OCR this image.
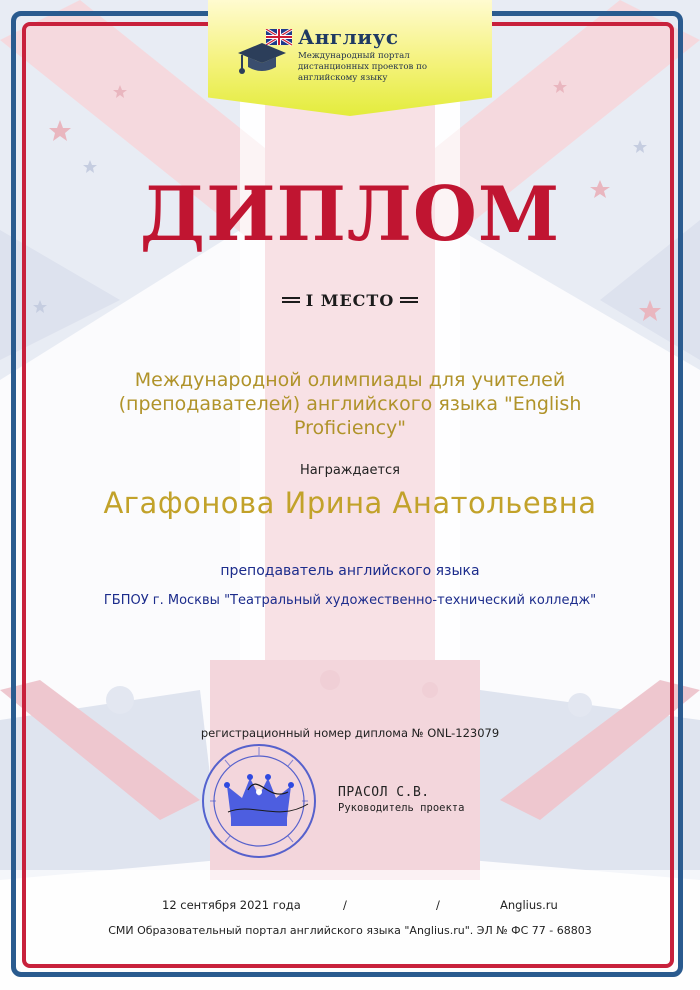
Англиус
Международный портал дистанционных проектов по английскому языку
ДИПЛОМ
I МЕСТО
Международной олимпиады для учителей (преподавателей) английского языка "English Proficiency"
Награждается
Агафонова Ирина Анатольевна
преподаватель английского языка
ГБПОУ г. Москвы "Театральный художественно-технический колледж"
регистрационный номер диплома № ONL-123079
ПРАСОЛ С.В.
Руководитель проекта
12 сентября 2021 года	/	/	Anglius.ru
СМИ Образовательный портал английского языка "Anglius.ru". ЭЛ № ФС 77 - 68803
